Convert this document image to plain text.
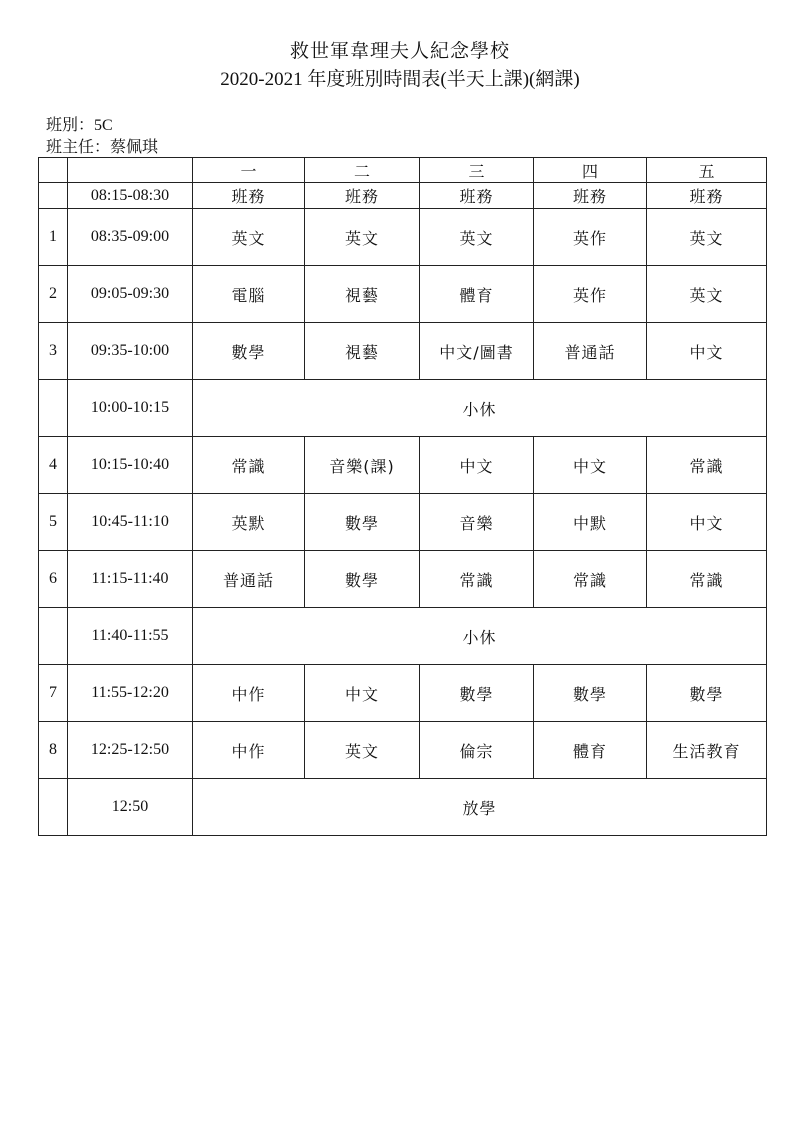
救世軍韋理夫人紀念學校
2020-2021 年度班別時間表(半天上課)(網課)
班別：5C
班主任：蔡佩琪
		一	二	三	四	五
	08:15-08:30	班務	班務	班務	班務	班務
1	08:35-09:00	英文	英文	英文	英作	英文
2	09:05-09:30	電腦	視藝	體育	英作	英文
3	09:35-10:00	數學	視藝	中文/圖書	普通話	中文
	10:00-10:15	小休				
4	10:15-10:40	常識	音樂(課)	中文	中文	常識
5	10:45-11:10	英默	數學	音樂	中默	中文
6	11:15-11:40	普通話	數學	常識	常識	常識
	11:40-11:55	小休				
7	11:55-12:20	中作	中文	數學	數學	數學
8	12:25-12:50	中作	英文	倫宗	體育	生活教育
	12:50	放學				
